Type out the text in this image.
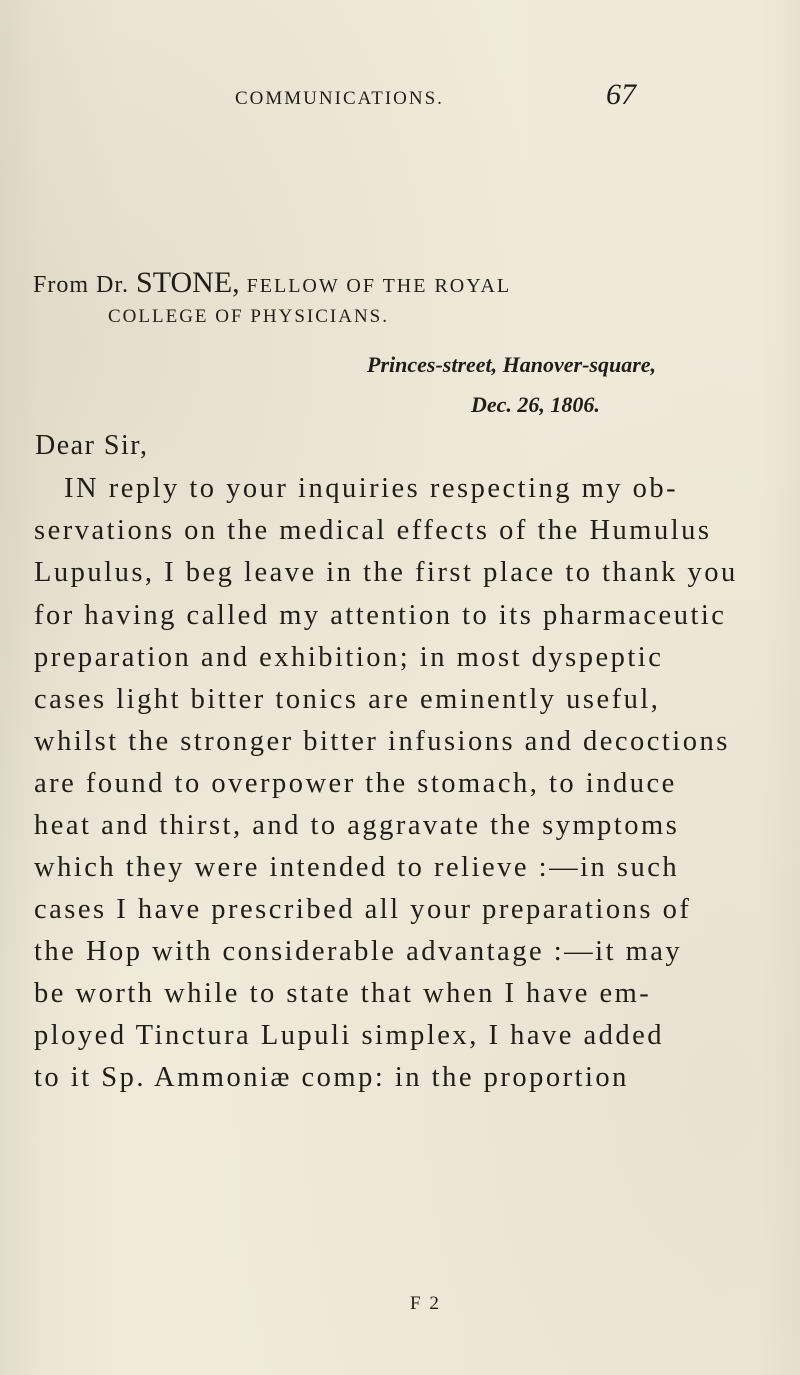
COMMUNICATIONS.	67
From Dr. STONE, FELLOW OF THE ROYAL
COLLEGE OF PHYSICIANS.
Princes-street, Hanover-square,
Dec. 26, 1806.
Dear Sir,
IN reply to your inquiries respecting my ob-
servations on the medical effects of the Humulus
Lupulus, I beg leave in the first place to thank you
for having called my attention to its pharmaceutic
preparation and exhibition; in most dyspeptic
cases light bitter tonics are eminently useful,
whilst the stronger bitter infusions and decoctions
are found to overpower the stomach, to induce
heat and thirst, and to aggravate the symptoms
which they were intended to relieve :—in such
cases I have prescribed all your preparations of
the Hop with considerable advantage :—it may
be worth while to state that when I have em-
ployed Tinctura Lupuli simplex, I have added
to it Sp. Ammoniæ comp: in the proportion
F 2
